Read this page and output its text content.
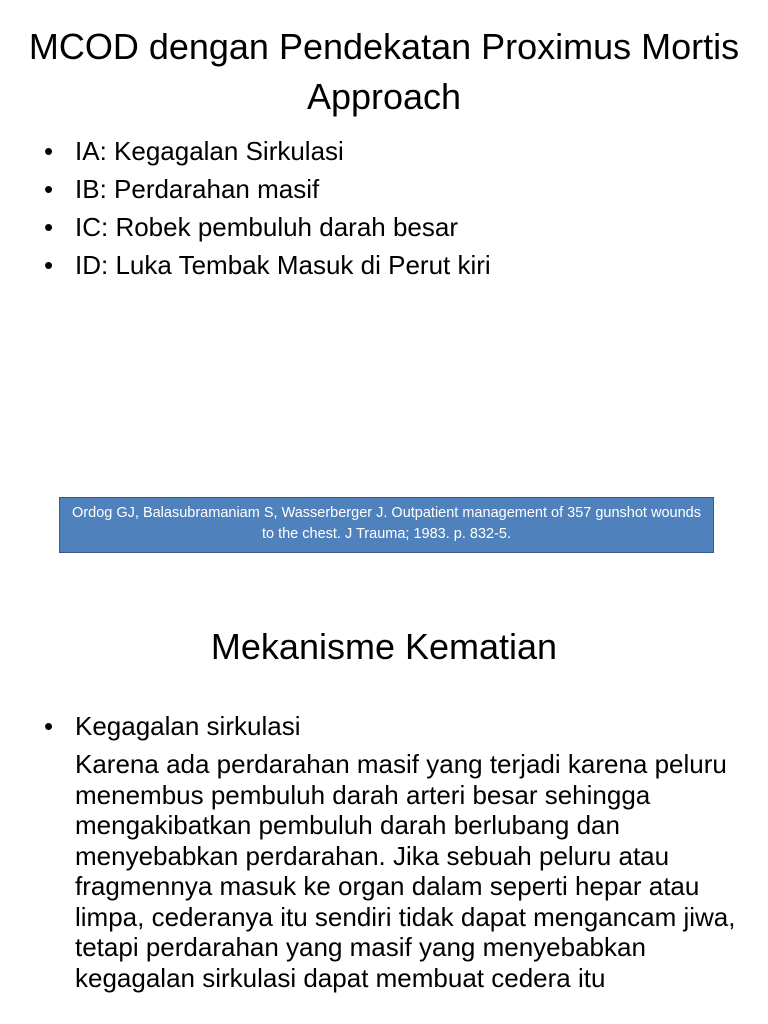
MCOD dengan Pendekatan Proximus Mortis Approach
• IA: Kegagalan Sirkulasi
• IB: Perdarahan masif
• IC: Robek pembuluh darah besar
• ID: Luka Tembak Masuk di Perut kiri
Ordog GJ, Balasubramaniam S, Wasserberger J. Outpatient management of 357 gunshot wounds to the chest. J Trauma; 1983. p. 832-5.
Mekanisme Kematian
• Kegagalan sirkulasi

Karena ada perdarahan masif yang terjadi karena peluru menembus pembuluh darah arteri besar sehingga mengakibatkan pembuluh darah berlubang dan menyebabkan perdarahan. Jika sebuah peluru atau fragmennya masuk ke organ dalam seperti hepar atau limpa, cederanya itu sendiri tidak dapat mengancam jiwa, tetapi perdarahan yang masif yang menyebabkan kegagalan sirkulasi dapat membuat cedera itu
